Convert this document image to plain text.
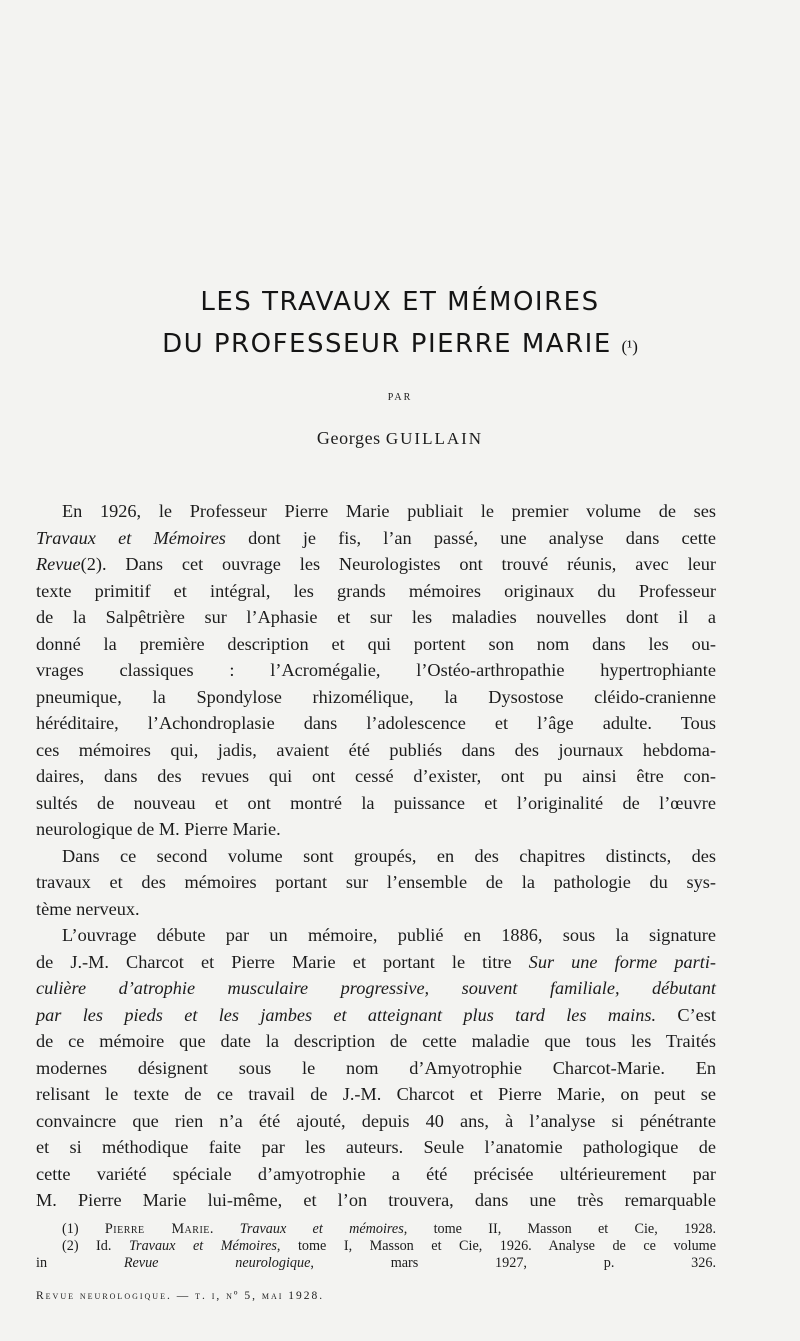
LES TRAVAUX ET MÉMOIRES
DU PROFESSEUR PIERRE MARIE (¹)
PAR
Georges GUILLAIN
En 1926, le Professeur Pierre Marie publiait le premier volume de ses
Travaux et Mémoires dont je fis, l’an passé, une analyse dans cette
Revue(2). Dans cet ouvrage les Neurologistes ont trouvé réunis, avec leur
texte primitif et intégral, les grands mémoires originaux du Professeur
de la Salpêtrière sur l’Aphasie et sur les maladies nouvelles dont il a
donné la première description et qui portent son nom dans les ou-
vrages classiques : l’Acromégalie, l’Ostéo-arthropathie hypertrophiante
pneumique, la Spondylose rhizomélique, la Dysostose cléido-cranienne
héréditaire, l’Achondroplasie dans l’adolescence et l’âge adulte. Tous
ces mémoires qui, jadis, avaient été publiés dans des journaux hebdoma-
daires, dans des revues qui ont cessé d’exister, ont pu ainsi être con-
sultés de nouveau et ont montré la puissance et l’originalité de l’œuvre
neurologique de M. Pierre Marie.
Dans ce second volume sont groupés, en des chapitres distincts, des
travaux et des mémoires portant sur l’ensemble de la pathologie du sys-
tème nerveux.
L’ouvrage débute par un mémoire, publié en 1886, sous la signature
de J.-M. Charcot et Pierre Marie et portant le titre Sur une forme parti-
culière d’atrophie musculaire progressive, souvent familiale, débutant
par les pieds et les jambes et atteignant plus tard les mains. C’est
de ce mémoire que date la description de cette maladie que tous les Traités
modernes désignent sous le nom d’Amyotrophie Charcot-Marie. En
relisant le texte de ce travail de J.-M. Charcot et Pierre Marie, on peut se
convaincre que rien n’a été ajouté, depuis 40 ans, à l’analyse si pénétrante
et si méthodique faite par les auteurs. Seule l’anatomie pathologique de
cette variété spéciale d’amyotrophie a été précisée ultérieurement par
M. Pierre Marie lui-même, et l’on trouvera, dans une très remarquable
(1) Pierre Marie. Travaux et mémoires, tome II, Masson et Cie, 1928.
(2) Id. Travaux et Mémoires, tome I, Masson et Cie, 1926. Analyse de ce volume
in Revue neurologique, mars 1927, p. 326.
Revue neurologique. — t. i, nº 5, mai 1928.
